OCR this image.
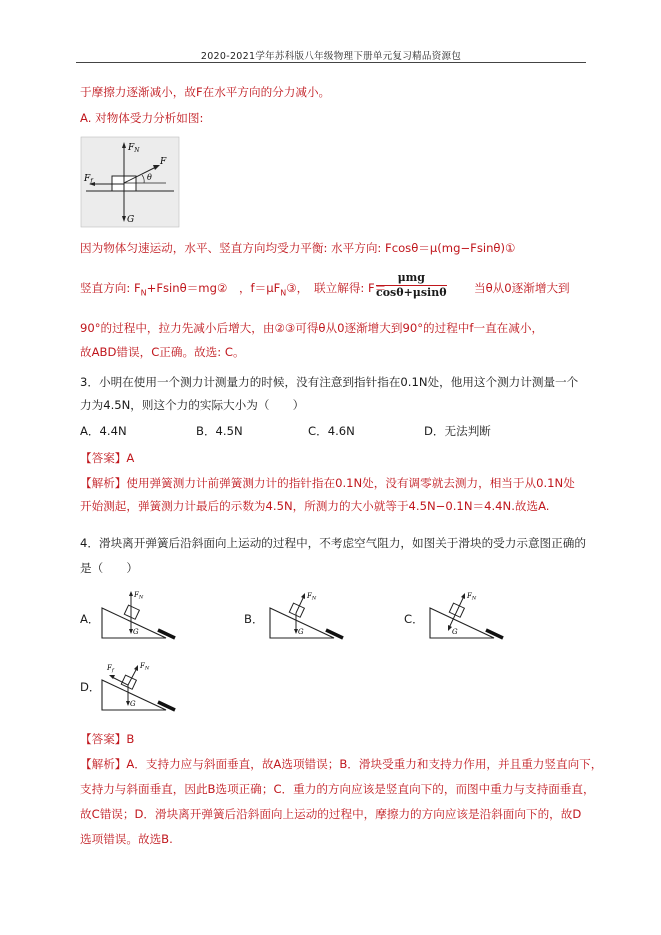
2020-2021学年苏科版八年级物理下册单元复习精品资源包
于摩擦力逐渐减小，故F在水平方向的分力减小。
A. 对物体受力分析如图:
$F_N$
F
$F_f$	θ
G
因为物体匀速运动，水平、竖直方向均受力平衡: 水平方向: Fcosθ＝μ(mg−Fsinθ)①
竖直方向: $F_N+Fsin\theta=mg②$　，$f=\mu F_N③$，　联立解得: F＝
μmg
cosθ+μsinθ 当θ从0逐渐增大到
90°的过程中，拉力先减小后增大，由②③可得θ从0逐渐增大到90°的过程中f一直在减小，
故ABD错误，C正确。故选: C。
3．小明在使用一个测力计测量力的时候，没有注意到指针指在0.1N处，他用这个测力计测量一个
力为4.5N，则这个力的实际大小为（　　）
A．4.4N	B．4.5N	C．4.6N	D．无法判断
【答案】A
【解析】使用弹簧测力计前弹簧测力计的指针指在0.1N处，没有调零就去测力，相当于从0.1N处
开始测起，弹簧测力计最后的示数为4.5N，所测力的大小就等于4.5N−0.1N＝4.4N.故选A.
4．滑块离开弹簧后沿斜面向上运动的过程中，不考虑空气阻力，如图关于滑块的受力示意图正确的
是（　　）
A．
$F_N$
G
B．
$F_N$
G
C．
$F_N$
G
D．
$F_f$
$F_N$
G
【答案】B
【解析】A．支持力应与斜面垂直，故A选项错误；B．滑块受重力和支持力作用，并且重力竖直向下，
支持力与斜面垂直，因此B选项正确；C．重力的方向应该是竖直向下的，而图中重力与支持面垂直，
故C错误；D．滑块离开弹簧后沿斜面向上运动的过程中，摩擦力的方向应该是沿斜面向下的，故D
选项错误。故选B.
